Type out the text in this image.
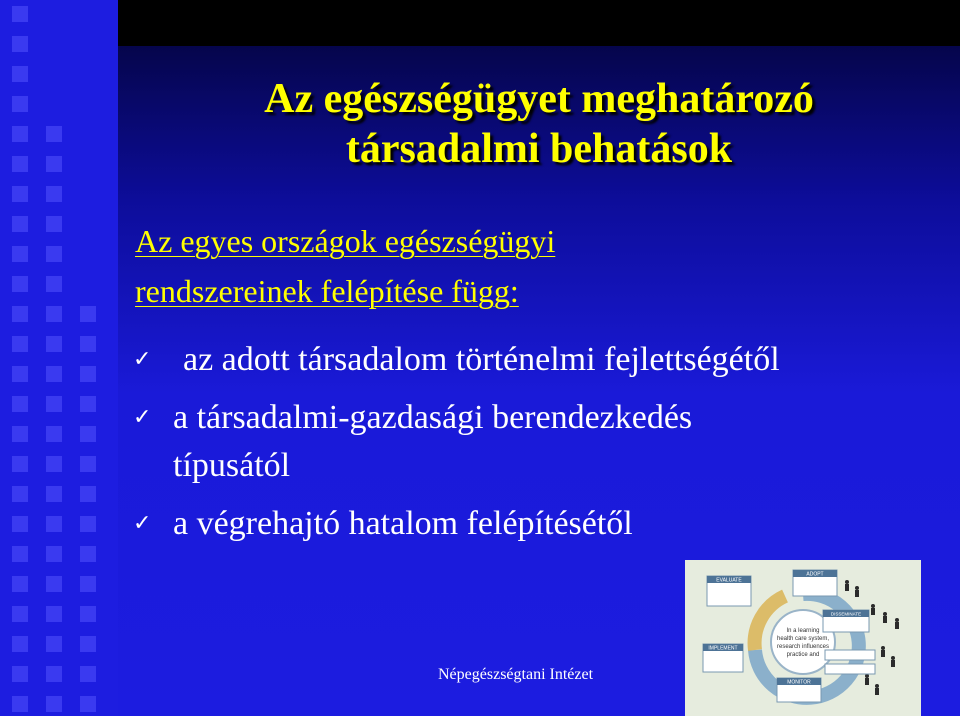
Az egészségügyet meghatározó
társadalmi behatások
Az egyes országok egészségügyi
rendszereinek felépítése függ:
✓ az adott társadalom történelmi fejlettségétől
✓ a társadalmi-gazdasági berendezkedés
típusától
✓ a végrehajtó hatalom felépítésétől
In a learning
health care system,
research influences
practice and
EVALUATE
ADOPT
IMPLEMENT
DISSEMINATE
MONITOR
Népegészségtani Intézet
